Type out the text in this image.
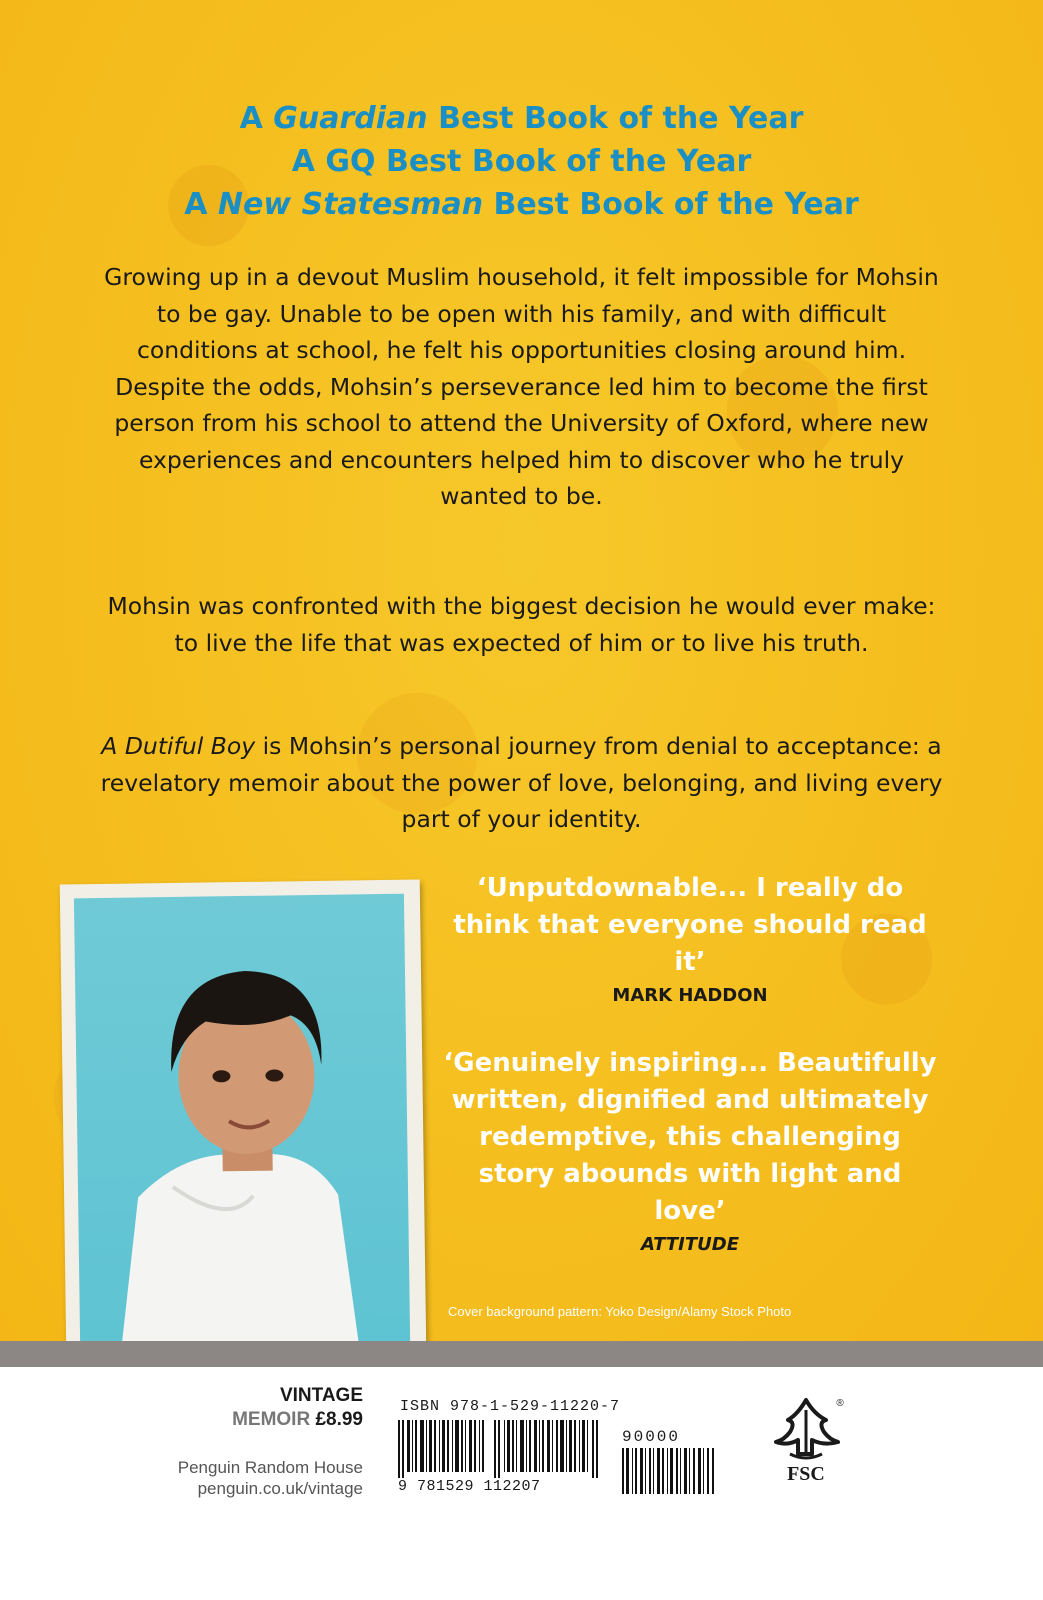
A Guardian Best Book of the Year
A GQ Best Book of the Year
A New Statesman Best Book of the Year

Growing up in a devout Muslim household, it felt impossible for Mohsin to be gay. Unable to be open with his family, and with difficult conditions at school, he felt his opportunities closing around him. Despite the odds, Mohsin’s perseverance led him to become the first person from his school to attend the University of Oxford, where new experiences and encounters helped him to discover who he truly wanted to be.

Mohsin was confronted with the biggest decision he would ever make: to live the life that was expected of him or to live his truth.

A Dutiful Boy is Mohsin’s personal journey from denial to acceptance: a revelatory memoir about the power of love, belonging, and living every part of your identity.

‘Unputdownable... I really do think that everyone should read it’
MARK HADDON
‘Genuinely inspiring... Beautifully written, dignified and ultimately redemptive, this challenging story abounds with light and love’
ATTITUDE
Cover background pattern: Yoko Design/Alamy Stock Photo
VINTAGE
MEMOIR £8.99
Penguin Random House
penguin.co.uk/vintage
ISBN 978-1-529-11220-7
9 781529 112207
90000
FSC
®
